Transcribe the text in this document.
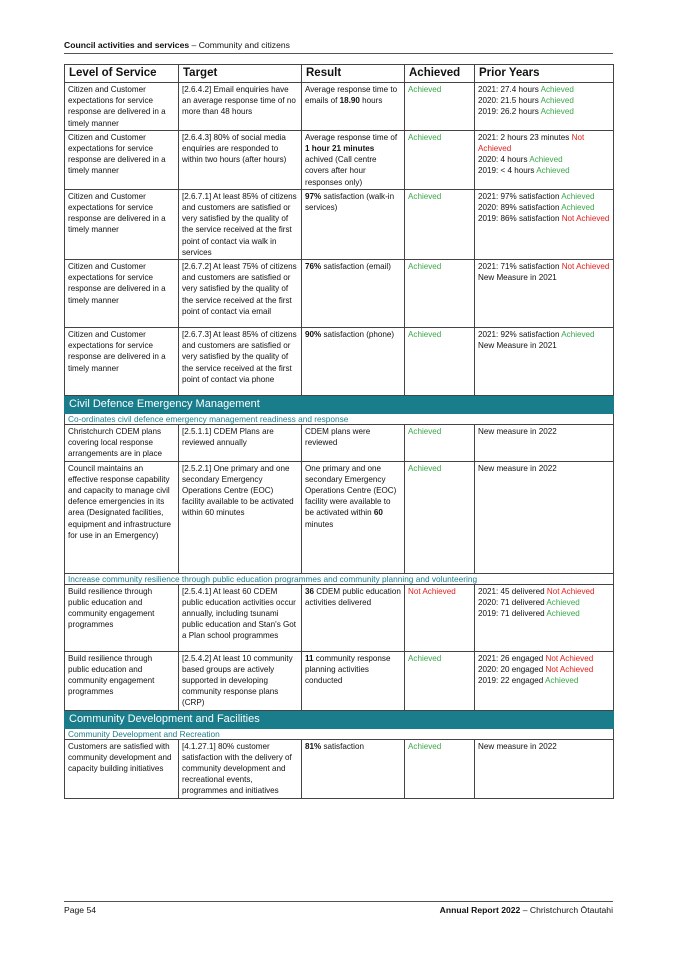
Council activities and services – Community and citizens
Level of Service	Target	Result	Achieved	Prior Years
Citizen and Customer expectations for service response are delivered in a timely manner	[2.6.4.2] Email enquiries have an average response time of no more than 48 hours	Average response time to emails of 18.90 hours	Achieved	2021: 27.4 hours Achieved
2020: 21.5 hours Achieved
2019: 26.2 hours Achieved

Citizen and Customer expectations for service response are delivered in a timely manner	[2.6.4.3] 80% of social media enquiries are responded to within two hours (after hours)	Average response time of 1 hour 21 minutes achived (Call centre covers after hour responses only)	Achieved	2021: 2 hours 23 minutes Not Achieved
2020: 4 hours Achieved
2019: < 4 hours Achieved

Citizen and Customer expectations for service response are delivered in a timely manner	[2.6.7.1] At least 85% of citizens and customers are satisfied or very satisfied by the quality of the service received at the first point of contact via walk in services	97% satisfaction (walk-in services)	Achieved	2021: 97% satisfaction Achieved
2020: 89% satisfaction Achieved
2019: 86% satisfaction Not Achieved

Citizen and Customer expectations for service response are delivered in a timely manner	[2.6.7.2] At least 75% of citizens and customers are satisfied or very satisfied by the quality of the service received at the first point of contact via email	76% satisfaction (email)	Achieved	2021: 71% satisfaction Not Achieved
New Measure in 2021

Citizen and Customer expectations for service response are delivered in a timely manner	[2.6.7.3] At least 85% of citizens and customers are satisfied or very satisfied by the quality of the service received at the first point of contact via phone	90% satisfaction (phone)	Achieved	2021: 92% satisfaction Achieved
New Measure in 2021

Civil Defence Emergency Management				
Co-ordinates civil defence emergency management readiness and response				
Christchurch CDEM plans covering local response arrangements are in place	[2.5.1.1] CDEM Plans are reviewed annually	CDEM plans were reviewed	Achieved	New measure in 2022

Council maintains an effective response capability and capacity to manage civil defence emergencies in its area (Designated facilities, equipment and infrastructure for use in an Emergency)	[2.5.2.1] One primary and one secondary Emergency Operations Centre (EOC) facility available to be activated within 60 minutes	One primary and one secondary Emergency Operations Centre (EOC) facility were available to be activated within 60 minutes	Achieved	New measure in 2022

Increase community resilience through public education programmes and community planning and volunteering				
Build resilience through public education and community engagement programmes	[2.5.4.1] At least 60 CDEM public education activities occur annually, including tsunami public education and Stan's Got a Plan school programmes	36 CDEM public education activities delivered	Not Achieved	2021: 45 delivered Not Achieved
2020: 71 delivered Achieved
2019: 71 delivered Achieved

Build resilience through public education and community engagement programmes	[2.5.4.2] At least 10 community based groups are actively supported in developing community response plans (CRP)	11 community response planning activities conducted	Achieved	2021: 26 engaged Not Achieved
2020: 20 engaged Not Achieved
2019: 22 engaged Achieved

Community Development and Facilities				
Community Development and Recreation				
Customers are satisfied with community development and capacity building initiatives	[4.1.27.1] 80% customer satisfaction with the delivery of community development and recreational events, programmes and initiatives	81% satisfaction	Achieved	New measure in 2022
Page 54	Annual Report 2022 – Christchurch Ōtautahi
